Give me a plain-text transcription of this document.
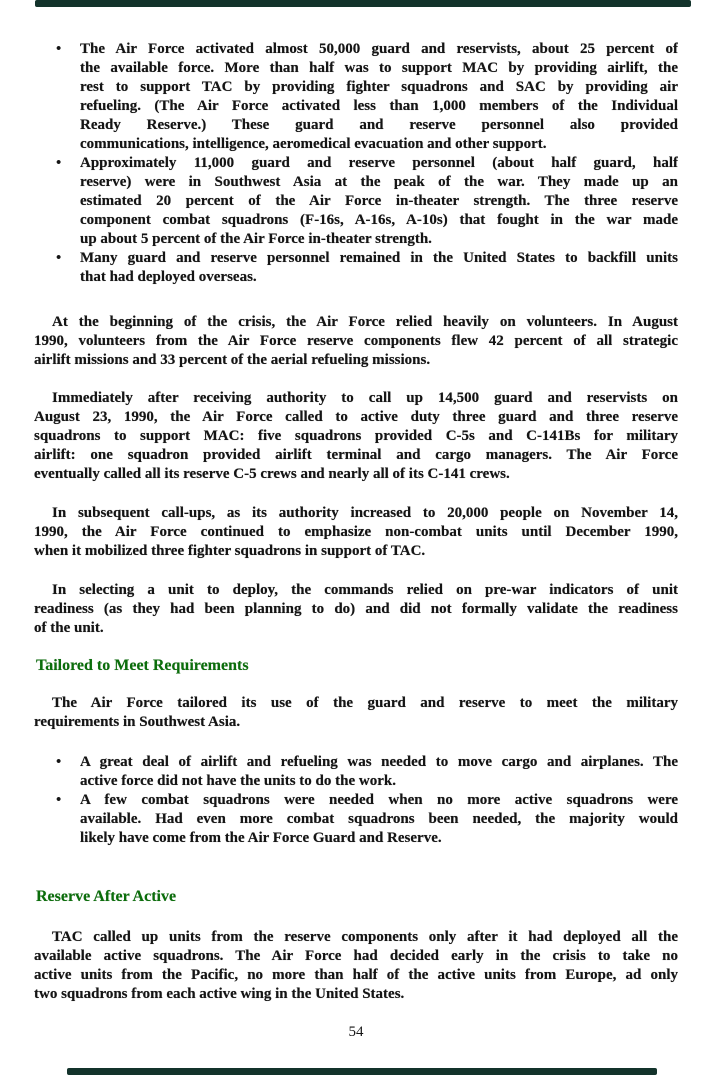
•	The Air Force activated almost 50,000 guard and reservists, about 25 percent of
the available force. More than half was to support MAC by providing airlift, the
rest to support TAC by providing fighter squadrons and SAC by providing air
refueling. (The Air Force activated less than 1,000 members of the Individual
Ready Reserve.) These guard and reserve personnel also provided
communications, intelligence, aeromedical evacuation and other support.
•	Approximately 11,000 guard and reserve personnel (about half guard, half
reserve) were in Southwest Asia at the peak of the war. They made up an
estimated 20 percent of the Air Force in-theater strength. The three reserve
component combat squadrons (F-16s, A-16s, A-10s) that fought in the war made
up about 5 percent of the Air Force in-theater strength.
•	Many guard and reserve personnel remained in the United States to backfill units
that had deployed overseas.
At the beginning of the crisis, the Air Force relied heavily on volunteers. In August
1990, volunteers from the Air Force reserve components flew 42 percent of all strategic
airlift missions and 33 percent of the aerial refueling missions.
Immediately after receiving authority to call up 14,500 guard and reservists on
August 23, 1990, the Air Force called to active duty three guard and three reserve
squadrons to support MAC: five squadrons provided C-5s and C-141Bs for military
airlift: one squadron provided airlift terminal and cargo managers. The Air Force
eventually called all its reserve C-5 crews and nearly all of its C-141 crews.
In subsequent call-ups, as its authority increased to 20,000 people on November 14,
1990, the Air Force continued to emphasize non-combat units until December 1990,
when it mobilized three fighter squadrons in support of TAC.
In selecting a unit to deploy, the commands relied on pre-war indicators of unit
readiness (as they had been planning to do) and did not formally validate the readiness
of the unit.
Tailored to Meet Requirements
The Air Force tailored its use of the guard and reserve to meet the military
requirements in Southwest Asia.
•	A great deal of airlift and refueling was needed to move cargo and airplanes. The
active force did not have the units to do the work.
•	A few combat squadrons were needed when no more active squadrons were
available. Had even more combat squadrons been needed, the majority would
likely have come from the Air Force Guard and Reserve.
Reserve After Active
TAC called up units from the reserve components only after it had deployed all the
available active squadrons. The Air Force had decided early in the crisis to take no
active units from the Pacific, no more than half of the active units from Europe, ad only
two squadrons from each active wing in the United States.
54
